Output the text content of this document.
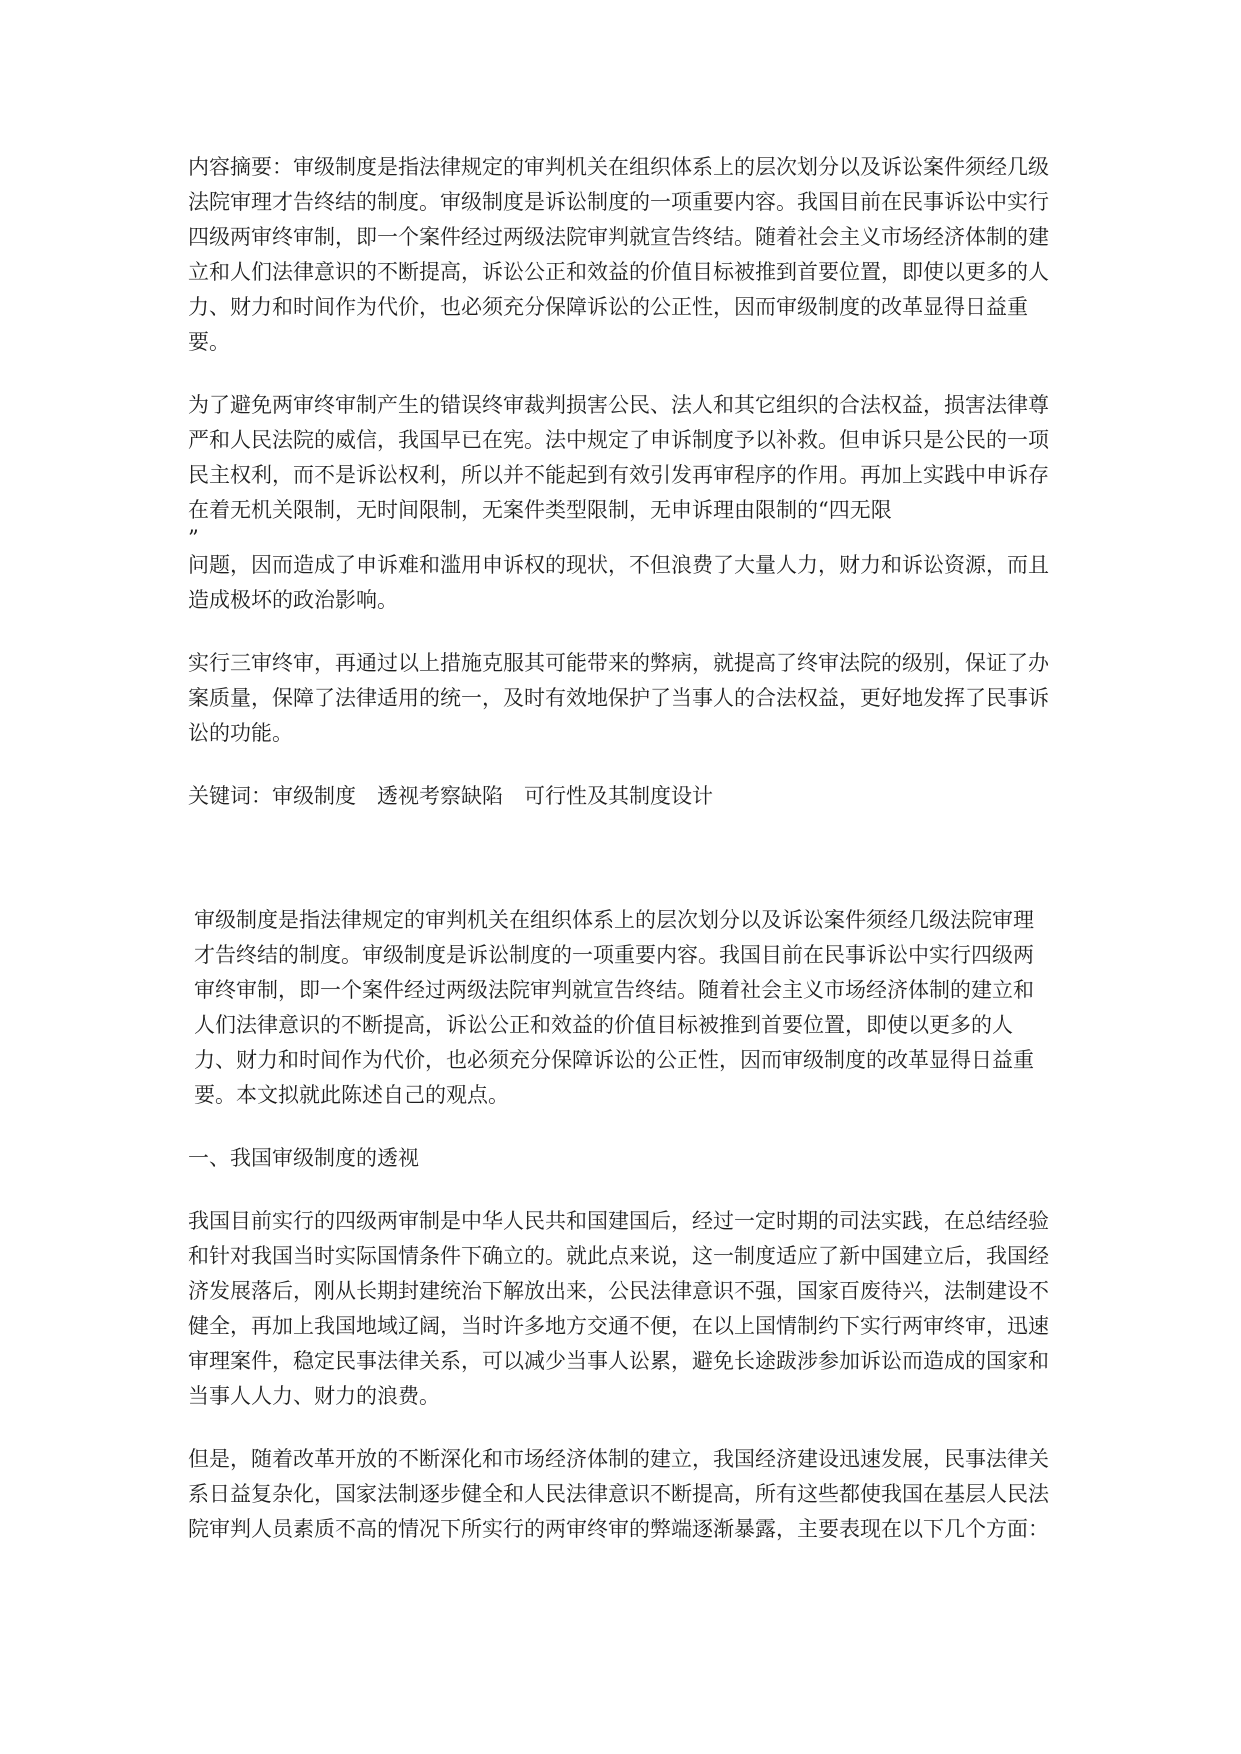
内容摘要：审级制度是指法律规定的审判机关在组织体系上的层次划分以及诉讼案件须经几级法院审理才告终结的制度。审级制度是诉讼制度的一项重要内容。我国目前在民事诉讼中实行四级两审终审制，即一个案件经过两级法院审判就宣告终结。随着社会主义市场经济体制的建立和人们法律意识的不断提高，诉讼公正和效益的价值目标被推到首要位置，即使以更多的人力、财力和时间作为代价，也必须充分保障诉讼的公正性，因而审级制度的改革显得日益重要。

为了避免两审终审制产生的错误终审裁判损害公民、法人和其它组织的合法权益，损害法律尊严和人民法院的威信，我国早已在宪。法中规定了申诉制度予以补救。但申诉只是公民的一项民主权利，而不是诉讼权利，所以并不能起到有效引发再审程序的作用。再加上实践中申诉存在着无机关限制，无时间限制，无案件类型限制，无申诉理由限制的“四无限

”

问题，因而造成了申诉难和滥用申诉权的现状，不但浪费了大量人力，财力和诉讼资源，而且造成极坏的政治影响。

实行三审终审，再通过以上措施克服其可能带来的弊病，就提高了终审法院的级别，保证了办案质量，保障了法律适用的统一，及时有效地保护了当事人的合法权益，更好地发挥了民事诉讼的功能。

关键词：审级制度　透视考察缺陷　可行性及其制度设计

审级制度是指法律规定的审判机关在组织体系上的层次划分以及诉讼案件须经几级法院审理才告终结的制度。审级制度是诉讼制度的一项重要内容。我国目前在民事诉讼中实行四级两审终审制，即一个案件经过两级法院审判就宣告终结。随着社会主义市场经济体制的建立和人们法律意识的不断提高，诉讼公正和效益的价值目标被推到首要位置，即使以更多的人力、财力和时间作为代价，也必须充分保障诉讼的公正性，因而审级制度的改革显得日益重要。本文拟就此陈述自己的观点。

一、我国审级制度的透视

我国目前实行的四级两审制是中华人民共和国建国后，经过一定时期的司法实践，在总结经验和针对我国当时实际国情条件下确立的。就此点来说，这一制度适应了新中国建立后，我国经济发展落后，刚从长期封建统治下解放出来，公民法律意识不强，国家百废待兴，法制建设不健全，再加上我国地域辽阔，当时许多地方交通不便，在以上国情制约下实行两审终审，迅速审理案件，稳定民事法律关系，可以减少当事人讼累，避免长途跋涉参加诉讼而造成的国家和当事人人力、财力的浪费。

但是，随着改革开放的不断深化和市场经济体制的建立，我国经济建设迅速发展，民事法律关系日益复杂化，国家法制逐步健全和人民法律意识不断提高，所有这些都使我国在基层人民法院审判人员素质不高的情况下所实行的两审终审的弊端逐渐暴露，主要表现在以下几个方面：
